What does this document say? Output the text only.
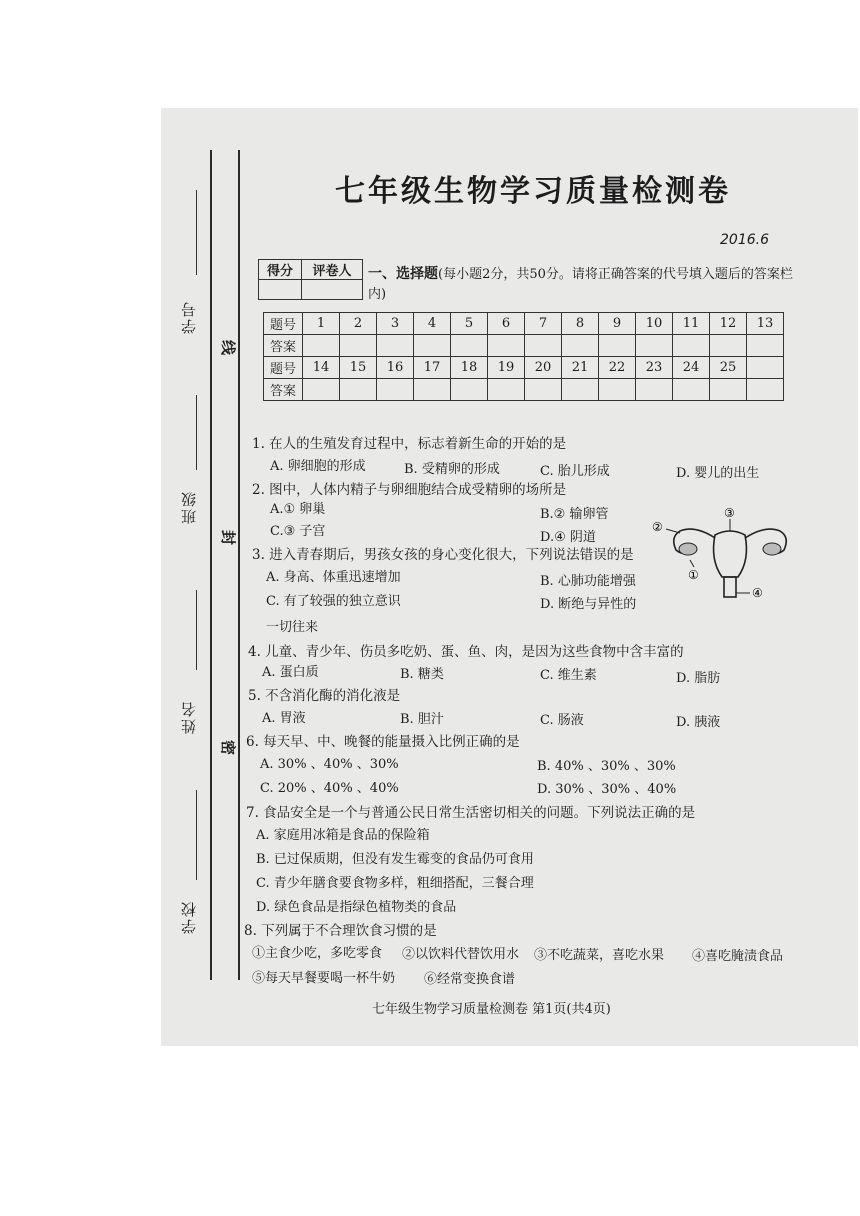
学号
班级
姓名
学校
线
封
密
七年级生物学习质量检测卷
2016.6
得分	评卷人
	一、选择题(每小题2分，共50分。请将正确答案的代号填入题后的答案栏内)
题号	1	2	3	4	5	6	7	8	9	10	11	12	13
答案													
题号	14	15	16	17	18	19	20	21	22	23	24	25	
答案													
1. 在人的生殖发育过程中，标志着新生命的开始的是
A. 卵细胞的形成	B. 受精卵的形成	C. 胎儿形成	D. 婴儿的出生
2. 图中，人体内精子与卵细胞结合成受精卵的场所是
A.① 卵巢	B.② 输卵管
C.③ 子宫	D.④ 阴道
3. 进入青春期后，男孩女孩的身心变化很大，下列说法错误的是
A. 身高、体重迅速增加	B. 心肺功能增强
C. 有了较强的独立意识	D. 断绝与异性的
一切往来
4. 儿童、青少年、伤员多吃奶、蛋、鱼、肉，是因为这些食物中含丰富的
A. 蛋白质	B. 糖类	C. 维生素	D. 脂肪
5. 不含消化酶的消化液是
A. 胃液	B. 胆汁	C. 肠液	D. 胰液
6. 每天早、中、晚餐的能量摄入比例正确的是
A. 30% 、40% 、30%	B. 40% 、30% 、30%
C. 20% 、40% 、40%	D. 30% 、30% 、40%
7. 食品安全是一个与普通公民日常生活密切相关的问题。下列说法正确的是
A. 家庭用冰箱是食品的保险箱
B. 已过保质期，但没有发生霉变的食品仍可食用
C. 青少年膳食要食物多样，粗细搭配，三餐合理
D. 绿色食品是指绿色植物类的食品
8. 下列属于不合理饮食习惯的是
①主食少吃，多吃零食 ②以饮料代替饮用水 ③不吃蔬菜，喜吃水果 ④喜吃腌渍食品
⑤每天早餐要喝一杯牛奶 ⑥经常变换食谱
③
②
①
④
七年级生物学习质量检测卷 第1页(共4页)
